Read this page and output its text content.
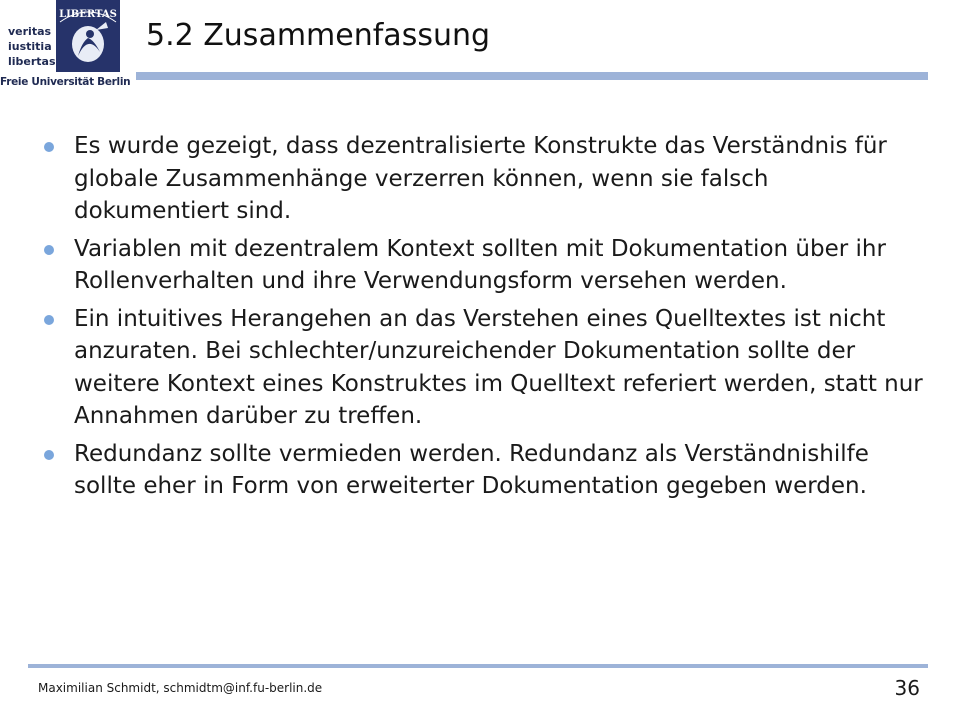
veritas
iustitia
libertas
LIBERTAS
Freie Universität Berlin
5.2 Zusammenfassung
Es wurde gezeigt, dass dezentralisierte Konstrukte das Verständnis für globale Zusammenhänge verzerren können, wenn sie falsch dokumentiert sind.
Variablen mit dezentralem Kontext sollten mit Dokumentation über ihr Rollenverhalten und ihre Verwendungsform versehen werden.
Ein intuitives Herangehen an das Verstehen eines Quelltextes ist nicht anzuraten. Bei schlechter/unzureichender Dokumentation sollte der weitere Kontext eines Konstruktes im Quelltext referiert werden, statt nur Annahmen darüber zu treffen.
Redundanz sollte vermieden werden. Redundanz als Verständnishilfe sollte eher in Form von erweiterter Dokumentation gegeben werden.
Maximilian Schmidt, schmidtm@inf.fu-berlin.de	36
